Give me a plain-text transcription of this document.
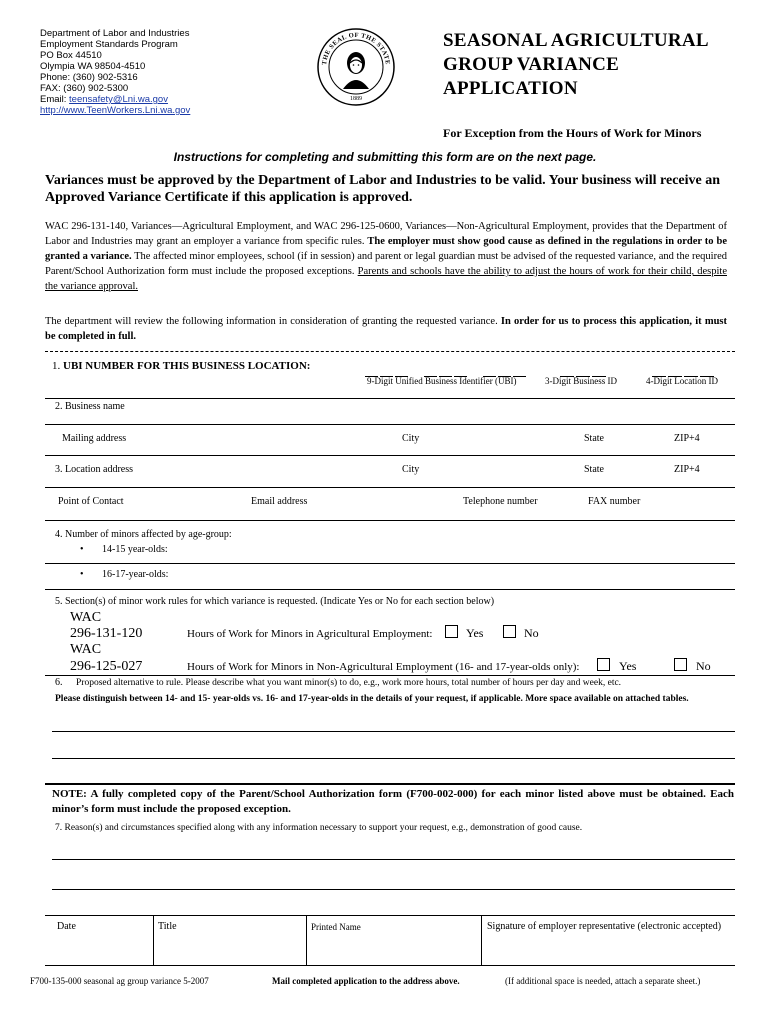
Department of Labor and Industries
Employment Standards Program
PO Box 44510
Olympia WA 98504-4510
Phone: (360) 902-5316
FAX: (360) 902-5300
Email: teensafety@Lni.wa.gov
http://www.TeenWorkers.Lni.wa.gov
THE SEAL OF THE STATE
1889
SEASONAL AGRICULTURAL
GROUP VARIANCE
APPLICATION
For Exception from the Hours of Work for Minors
Instructions for completing and submitting this form are on the next page.
Variances must be approved by the Department of Labor and Industries to be valid. Your business will receive an Approved Variance Certificate if this application is approved.
WAC 296-131-140, Variances—Agricultural Employment, and WAC 296-125-0600, Variances—Non-Agricultural Employment, provides that the Department of Labor and Industries may grant an employer a variance from specific rules. The employer must show good cause as defined in the regulations in order to be granted a variance. The affected minor employees, school (if in session) and parent or legal guardian must be advised of the requested variance, and the required Parent/School Authorization form must include the proposed exceptions. Parents and schools have the ability to adjust the hours of work for their child, despite the variance approval.
The department will review the following information in consideration of granting the requested variance. In order for us to process this application, it must be completed in full.
1. UBI NUMBER FOR THIS BUSINESS LOCATION:

9-Digit Unified Business Identifier (UBI)	3-Digit Business ID	4-Digit Location ID
2. Business name
Mailing address	City	State	ZIP+4
3. Location address	City	State	ZIP+4
Point of Contact	Email address	Telephone number	FAX number
4. Number of minors affected by age-group:
• 14-15 year-olds:
• 16-17-year-olds:
5. Section(s) of minor work rules for which variance is requested. (Indicate Yes or No for each section below)
WAC
296-131-120	Hours of Work for Minors in Agricultural Employment:	Yes	No
WAC
296-125-027	Hours of Work for Minors in Non-Agricultural Employment (16- and 17-year-olds only):	Yes	No
6. Proposed alternative to rule. Please describe what you want minor(s) to do, e.g., work more hours, total number of hours per day and week, etc.
Please distinguish between 14- and 15- year-olds vs. 16- and 17-year-olds in the details of your request, if applicable. More space available on attached tables.
NOTE: A fully completed copy of the Parent/School Authorization form (F700-002-000) for each minor listed above must be obtained. Each minor’s form must include the proposed exception.
7. Reason(s) and circumstances specified along with any information necessary to support your request, e.g., demonstration of good cause.
Date	Title	Printed Name	Signature of employer representative (electronic accepted)
F700-135-000 seasonal ag group variance 5-2007	Mail completed application to the address above.	(If additional space is needed, attach a separate sheet.)
